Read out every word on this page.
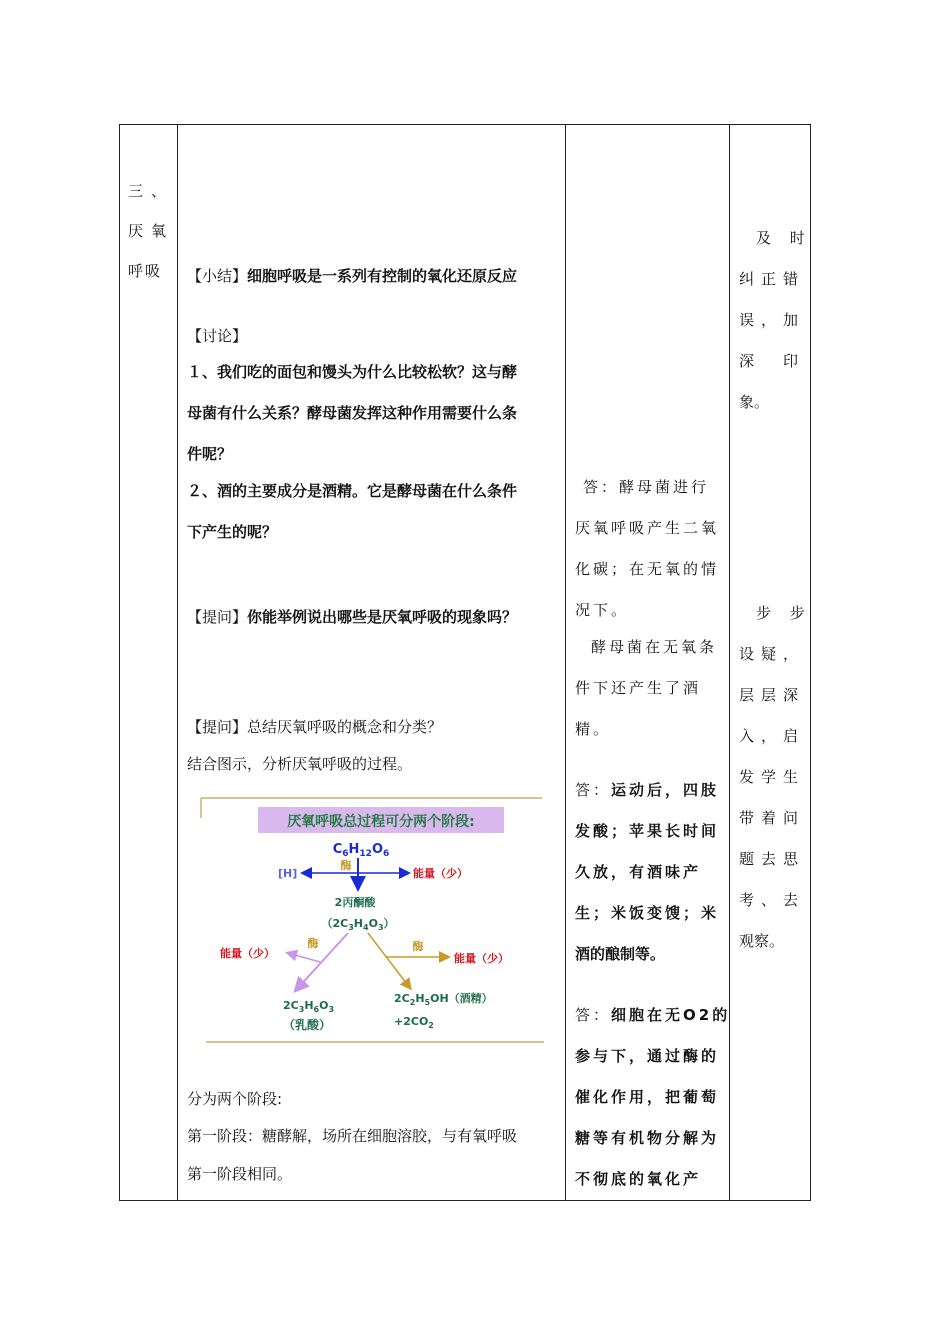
三、
厌氧
呼吸 【小结】细胞呼吸是一系列有控制的氧化还原反应
【讨论】
１、我们吃的面包和馒头为什么比较松软？这与酵
母菌有什么关系？酵母菌发挥这种作用需要什么条
件呢？
２、酒的主要成分是酒精。它是酵母菌在什么条件
下产生的呢？
【提问】你能举例说出哪些是厌氧呼吸的现象吗？
【提问】总结厌氧呼吸的概念和分类？
结合图示，分析厌氧呼吸的过程。
厌氧呼吸总过程可分两个阶段:
$C_6H_{12}O_6$
酶
[H]	能量（少）
2丙酮酸
$(2C_3H_4O_3)$
酶
能量（少）
酶
能量（少）
$2C_3H_6O_3$
（乳酸）
$2C_2H_5OH$（酒精）
$+2CO_2$
分为两个阶段:
第一阶段：糖酵解，场所在细胞溶胶，与有氧呼吸
第一阶段相同。
答：酵母菌进行
厌氧呼吸产生二氧
化碳；在无氧的情
况下。
酵母菌在无氧条
件下还产生了酒
精。
答：运动后，四肢
发酸；苹果长时间
久放，有酒味产
生；米饭变馊；米
酒的酿制等。
答：细胞在无O2的
参与下，通过酶的
催化作用，把葡萄
糖等有机物分解为
不彻底的氧化产
及 时
纠正错
误，加
深　印
象。
步 步
设疑，
层层深
入，启
发学生
带着问
题去思
考、去
观察。
